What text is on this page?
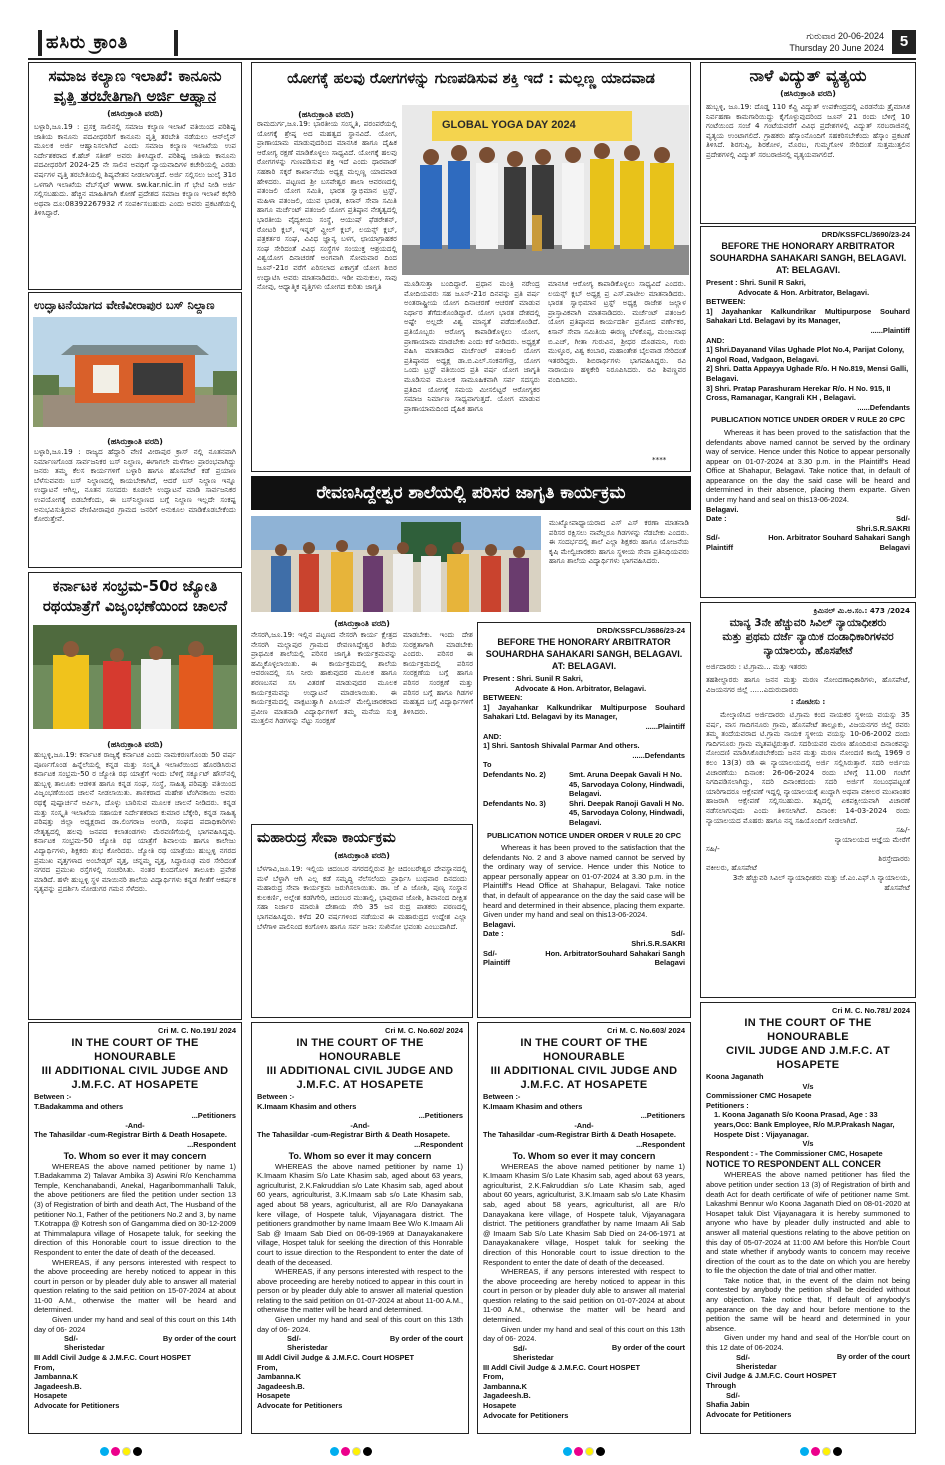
ಹಸಿರು ಕ್ರಾಂತಿ	ಗುರುವಾರ 20-06-2024
Thursday 20 June 2024	5
ಸಮಾಜ ಕಲ್ಯಾಣ ಇಲಾಖೆ: ಕಾನೂನು
ವೃತ್ತಿ ತರಬೇತಿಗಾಗಿ ಅರ್ಜಿ ಆಹ್ವಾನ
(ಹಸಿರುಕ್ರಾಂತಿ ವರದಿ)
ಬಳ್ಳಾರಿ,ಜೂ.19 : ಪ್ರಸಕ್ತ ಸಾಲಿನಲ್ಲಿ ಸಮಾಜ ಕಲ್ಯಾಣ ಇಲಾಖೆ ವತಿಯಿಂದ ಪರಿಶಿಷ್ಟ ಜಾತಿಯ ಕಾನೂನು ಪದವೀಧರರಿಗೆ ಕಾನೂನು ವೃತ್ತಿ ತರಬೇತಿ ನಡೆಯಲು ಆನ್‌ಲೈನ್ ಮೂಲಕ ಅರ್ಜಿ ಆಹ್ವಾನಿಸಲಾಗಿದೆ ಎಂದು ಸಮಾಜ ಕಲ್ಯಾಣ ಇಲಾಖೆಯ ಉಪ ನಿರ್ದೇಶಕರಾದ ಕೆ.ಹೆಚ್ ಸತೀಶ್ ಅವರು ತಿಳಿಸಿದ್ದಾರೆ. ಪರಿಶಿಷ್ಟ ಜಾತಿಯ ಕಾನೂನು ಪದವೀಧರರಿಗೆ 2024-25 ನೇ ಸಾಲಿನ ಅವಧಿಗೆ ನ್ಯಾಯವಾದಿಗಳ ಕಚೇರಿಯಲ್ಲಿ ಎರಡು ವರ್ಷಗಳ ವೃತ್ತಿ ತರಬೇತಿಯಲ್ಲಿ ಶಿಷ್ಯವೇತನ ನೀಡಲಾಗುತ್ತದೆ. ಅರ್ಜಿ ಸಲ್ಲಿಸಲು ಜುಲೈ 31ರ ಒಳಗಾಗಿ ಇಲಾಖೆಯ ವೆಬ್‌ಸೈಟ್ www. sw.kar.nic.in ಗೆ ಭೇಟಿ ನೀಡಿ ಅರ್ಜಿ ಸಲ್ಲಿಸಬಹುದು. ಹೆಚ್ಚಿನ ಮಾಹಿತಿಗಾಗಿ ಕೋಣೆ ಪ್ರದೇಶದ ಸಮಾಜ ಕಲ್ಯಾಣ ಇಲಾಖೆ ಕಛೇರಿ ಅಥವಾ ದೂ:08392267932 ಗೆ ಸಂಪರ್ಕಿಸಬಹುದು ಎಂದು ಅವರು ಪ್ರಕಟಣೆಯಲ್ಲಿ ತಿಳಿಸಿದ್ದಾರೆ.
ಉದ್ಘಾಟನೆಯಾಗದ ವೇಣಿವೀರಾಪುರ ಬಸ್ ನಿಲ್ದಾಣ
(ಹಸಿರುಕ್ರಾಂತಿ ವರದಿ)
ಬಳ್ಳಾರಿ,ಜೂ.19 : ರಾಜ್ಯದ ಹೆದ್ದಾರಿ ವೇಣಿ ವೀರಾಪುರ ಕ್ರಾಸ್ ನಲ್ಲಿ ನೂತನವಾಗಿ ನಿರ್ಮಾಣಗೊಂಡ ಸಾರ್ವಜನಿಕರ ಬಸ್ ನಿಲ್ದಾಣ, ಈಗಾಗಲೇ ಮಳೆಗಾಲ ಪ್ರಾರಂಭವಾಗಿದ್ದು ಜನರು ತಮ್ಮ ಕೆಲಸ ಕಾರ್ಯಗಳಿಗೆ ಬಳ್ಳಾರಿ ಹಾಗೂ ಹೊಸಪೇಟೆ ಕಡೆ ಪ್ರಯಾಣ ಬೆಳೆಸುವವರು ಬಸ್ ನಿಲ್ದಾಣದಲ್ಲಿ ಕಾಯಬೇಕಾಗಿದೆ, ಆದರೆ ಬಸ್ ನಿಲ್ದಾಣ ಇನ್ನೂ ಉದ್ಘಾಟನೆ ಆಗಿಲ್ಲ, ನೂತನ ಸಂಸದರು ಕೂಡಲೇ ಉದ್ಘಾಟನೆ ಮಾಡಿ ಸಾರ್ವಜನಿಕರ ಉಪಯೋಗಕ್ಕೆ ಬಿಡಬೇಕೆಂದು, ಈ ಬಸ್‌ನಿಲ್ದಾಣದ ಬಗ್ಗೆ ನಿಲ್ದಾಣ ಇಲ್ಲದೇ ಸಂಕಷ್ಟ ಅನುಭವಿಸುತ್ತಿರುವ ವೇಣಿವೀರಾಪುರ ಗ್ರಾಮದ ಜನರಿಗೆ ಅನುಕೂಲ ಮಾಡಿಕೊಡಬೇಕೆಂದು ಕೋರುತ್ತೇವೆ.
ಕರ್ನಾಟಕ ಸಂಭ್ರಮ-50ರ ಜ್ಯೋತಿ
ರಥಯಾತ್ರೆಗೆ ವಿಜೃಂಭಣೆಯಿಂದ ಚಾಲನೆ
(ಹಸಿರುಕ್ರಾಂತಿ ವರದಿ)
ಹುಬ್ಬಳ್ಳಿ,ಜೂ.19: ಕರ್ನಾಟಕ ರಾಜ್ಯಕ್ಕೆ ಕರ್ನಾಟಕ ಎಂದು ನಾಮಕರಣಗೊಂಡು 50 ವರ್ಷ ಪೂರ್ಣಗೊಂಡ ಹಿನ್ನೆಲೆಯಲ್ಲಿ ಕನ್ನಡ ಮತ್ತು ಸಂಸ್ಕೃತಿ ಇಲಾಖೆಯಿಂದ ಹೊರಡಿಸಿರುವ ಕರ್ನಾಟಕ ಸಂಭ್ರಮ-50 ರ ಜ್ಯೋತಿ ರಥ ಯಾತ್ರೆಗೆ ಇಂದು ಬೆಳಿಗ್ಗೆ ಸರ್ಕ್ಯೂಟ್ ಹೌಸ್‌ನಲ್ಲಿ ಹುಬ್ಬಳ್ಳಿ ತಾಲೂಕು ಆಡಳಿತ ಹಾಗೂ ಕನ್ನಡ ಸಂಘ, ಸಂಸ್ಥೆ, ಸಾಹಿತ್ಯ ಪರಿಷತ್ತು ವತಿಯಿಂದ ವಿಜೃಂಭಣೆಯಿಂದ ಚಾಲನೆ ನೀಡಲಾಯಿತು. ಶಾಸಕರಾದ ಮಹೇಶ ಟೆಂಗಿನಕಾಯಿ ಅವರು ರಥಕ್ಕೆ ಪುಷ್ಪಾರ್ಚನೆ ಅರ್ಪಿಸಿ, ದೊಳ್ಳು ಬಾರಿಸುವ ಮೂಲಕ ಚಾಲನೆ ನೀಡಿದರು. ಕನ್ನಡ ಮತ್ತು ಸಂಸ್ಕೃತಿ ಇಲಾಖೆಯ ಸಹಾಯಕ ನಿರ್ದೇಶಕರಾದ ಕುಮಾರ ಬೆಕ್ಕೇರಿ, ಕನ್ನಡ ಸಾಹಿತ್ಯ ಪರಿಷತ್ತು ಜಿಲ್ಲಾ ಅಧ್ಯಕ್ಷರಾದ ಡಾ.ಲಿಂಗರಾಜ ಅಂಗಡಿ, ಸಂಘದ ಪದಾಧಿಕಾರಿಗಳು ನೇತೃತ್ವದಲ್ಲಿ ಹಲವು ಜನಪದ ಕಲಾತಂಡಗಳು ಮೆರವಣಿಗೆಯಲ್ಲಿ ಭಾಗವಹಿಸಿದ್ದವು. ಕರ್ನಾಟಕ ಸಂಭ್ರಮ-50 ಜ್ಯೋತಿ ರಥ ಯಾತ್ರೆಗೆ ಶಿವಾಲಯ ಹಾಗೂ ಕಾಲೇಜು ವಿದ್ಯಾರ್ಥಿಗಳು, ಶಿಕ್ಷಕರು ಶುಭ ಕೋರಿದರು. ಜ್ಯೋತಿ ರಥ ಯಾತ್ರೆಯು ಹುಬ್ಬಳ್ಳಿ ನಗರದ ಪ್ರಮುಖ ವೃತ್ತಗಳಾದ ಅಂಬೇಡ್ಕರ್ ವೃತ್ತ, ಚನ್ನಮ್ಮ ವೃತ್ತ, ಸಿದ್ಧಾರೂಢ ಮಠ ಸೇರಿದಂತೆ ನಗರದ ಪ್ರಮುಖ ರಸ್ತೆಗಳಲ್ಲಿ ಸಂಚರಿಸಿತು. ನಂತರ ಕುಂದಗೋಳ ತಾಲೂಕು ಪ್ರವೇಶ ಮಾಡಿದೆ. ಹಳೇ ಹುಬ್ಬಳ್ಳಿ ಸ್ಥಳ ಮಾಯಿನರಿ ಶಾಲೆಯ ವಿದ್ಯಾರ್ಥಿಗಳು ಕನ್ನಡ ಗೀತೆಗೆ ಆಕರ್ಷಕ ನೃತ್ಯವನ್ನು ಪ್ರದರ್ಶಿಸಿ ನೋಡುಗರ ಗಮನ ಸೆಳೆದರು.
ಯೋಗಕ್ಕೆ ಹಲವು ರೋಗಗಳನ್ನು ಗುಣಪಡಿಸುವ ಶಕ್ತಿ ಇದೆ : ಮಲ್ಲಣ್ಣ ಯಾದವಾಡ
(ಹಸಿರುಕ್ರಾಂತಿ ವರದಿ)
GLOBAL YOGA DAY 2024
ರಾಮದುರ್ಗ,ಜೂ.19: ಭಾರತೀಯ ಸಂಸ್ಕೃತಿ, ಪರಂಪರೆಯಲ್ಲಿ ಯೋಗಕ್ಕೆ ಶ್ರೇಷ್ಠ ಅದ ಮಹತ್ವದ ಸ್ಥಾನವಿದೆ. ಯೋಗ, ಪ್ರಾಣಾಯಾಮ ಮಾಡುವುದರಿಂದ ಮಾನಸಿಕ ಹಾಗೂ ದೈಹಿಕ ಆರೋಗ್ಯ ರಕ್ಷಣೆ ಮಾಡಿಕೊಳ್ಳಲು ಸಾಧ್ಯವಿದೆ. ಯೋಗಕ್ಕೆ ಹಲವು ರೋಗಗಳನ್ನು ಗುಣಪಡಿಸುವ ಶಕ್ತಿ ಇದೆ ಎಂದು ಧಾರವಾಡ್ ಸಹಕಾರಿ ಸಕ್ಕರೆ ಕಾರ್ಖಾನೆಯ ಅಧ್ಯಕ್ಷ ಮಲ್ಲಣ್ಣ ಯಾದವಾಡ ಹೇಳಿದರು. ಪಟ್ಟಣದ ಶ್ರೀ ಬಸವೇಶ್ವರ ಶಾಲಾ ಆವರಣದಲ್ಲಿ ಪತಂಜಲಿ ಯೋಗ ಸಮಿತಿ, ಭಾರತ ಸ್ವಾಭಿಮಾನ ಟ್ರಸ್ಟ್, ಮಹಿಳಾ ಪತಂಜಲಿ, ಯುವ ಭಾರತ, ಕಿಸಾನ್ ಸೇವಾ ಸಮಿತಿ ಹಾಗೂ ಮರ್ಚೆಂಟ್ ಪತಂಜಲಿ ಯೋಗ ಪ್ರತಿಷ್ಠಾನ ನೇತೃತ್ವದಲ್ಲಿ ಭಾರತೀಯ ವೈದ್ಯಕೀಯ ಸಂಸ್ಥೆ, ಆಯುಷ್ ಫೆಡರೇಶನ್, ರೋಟರಿ ಕ್ಲಬ್, ಇನ್ನರ್ ವ್ಹೀಲ್ ಕ್ಲಬ್, ಲಯನ್ಸ್ ಕ್ಲಬ್, ಪತ್ರಕರ್ತರ ಸಂಘ, ವಿವಿಧ ಜ್ಞಾನ್ಯ ಬಳಗ, ಛಾಯಾಗ್ರಾಹಕರ ಸಂಘ ಸೇರಿದಂತೆ ವಿವಿಧ ಸಂಸ್ಥೆಗಳ ಸಂಯುಕ್ತ ಆಶ್ರಯದಲ್ಲಿ ವಿಶ್ವಯೋಗ ದಿನಾಚರಣೆ ಅಂಗವಾಗಿ ಸೋಮವಾರ ದಿಂದ ಜೂನ್-21ರ ವರೆಗೆ ಏರಿಸಲಾದ ಏಕಾಗ್ರತೆ ಯೋಗ ಶಿಬಿರ ಉದ್ಘಾಟಿಸಿ ಅವರು ಮಾತನಾಡಿದರು. ಇಡೀ ಮನುಕುಲ, ಸಾವು ನೋವು, ಆಧ್ಯಾತ್ಮಿಕ ವೃತ್ತಿಗಳು ಯೋಗದ ಕುರಿತು ಜಾಗೃತಿ	ಮೂಡಿಸುತ್ತಾ ಬಂದಿದ್ದಾರೆ. ಪ್ರಧಾನ ಮಂತ್ರಿ ನರೇಂದ್ರ ಮೋದಿಯವರು ಸಹ ಜೂನ್-21ರ ದಿನವನ್ನು ಪ್ರತಿ ವರ್ಷ ಅಂತರಾಷ್ಟ್ರೀಯ ಯೋಗ ದಿನಾಚರಣೆ ಆಚರಣೆ ಮಾಡುವ ನಿರ್ಧಾರ ತೆಗೆದುಕೊಂಡಿದ್ದಾರೆ. ಯೋಗ ಭಾರತ ದೇಶದಲ್ಲಿ ಅಷ್ಟೇ ಅಲ್ಲದೇ ವಿಶ್ವ ಮಾನ್ಯತೆ ಪಡೆದುಕೊಂಡಿದೆ. ಪ್ರತಿಯೊಬ್ಬರು ಆರೋಗ್ಯ ಕಾಪಾಡಿಕೊಳ್ಳಲು ಯೋಗ, ಪ್ರಾಣಾಯಾಮ ಮಾಡಬೇಕು ಎಂದು ಕರೆ ನೀಡಿದರು. ಅಧ್ಯಕ್ಷತೆ ವಹಿಸಿ ಮಾತನಾಡಿದ ಮರ್ಚೆಂಟ್ ಪತಂಜಲಿ ಯೋಗ ಪ್ರತಿಷ್ಠಾನದ ಅಧ್ಯಕ್ಷ ಡಾ.ಬಿ.ಎಲ್.ಸಂಕನಗೌಡ್ರ, ಯೋಗ ಒಂದು ಟ್ರಸ್ಟ್ ವತಿಯಿಂದ ಪ್ರತಿ ವರ್ಷ ಯೋಗ ಜಾಗೃತಿ ಮೂಡಿಸುವ ಮೂಲಕ ಸಾಮೂಹಿಕವಾಗಿ ಸರ್ವ ಸದಸ್ಯರು ಪ್ರತಿದಿನ ಯೋಗಕ್ಕೆ ಸಮಯ ಮೀಸಲಿಟ್ಟರೆ ಆರೋಗ್ಯಕರ ಸಮಾಜ ನಿರ್ಮಾಣ ಸಾಧ್ಯವಾಗುತ್ತದೆ. ಯೋಗ ಮಾಡುವ ಪ್ರಾಣಾಯಾಮದಿಂದ ದೈಹಿಕ ಹಾಗೂ
ಮಾನಸಿಕ ಆರೋಗ್ಯ ಕಾಪಾಡಿಕೊಳ್ಳಲು ಸಾಧ್ಯವಿದೆ ಎಂದರು. ಲಯನ್ಸ್ ಕ್ಲಬ್ ಅಧ್ಯಕ್ಷ ಪ್ರ ಎಸ್.ಪಾಟೀಲ ಮಾತನಾಡಿದರು. ಭಾರತ ಸ್ವಾಭಿಮಾನ ಟ್ರಸ್ಟ್ ಅಧ್ಯಕ್ಷ ರಾಜೇಶ ಜಲ್ಲಾಳ ಪ್ರಾಸ್ತಾವಿಕವಾಗಿ ಮಾತನಾಡಿದರು. ಮರ್ಚೆಂಟ್ ಪತಂಜಲಿ ಯೋಗ ಪ್ರತಿಷ್ಠಾನದ ಕಾರ್ಯದರ್ಶಿ ಪ್ರಮೋದ ವರ್ಣೇಕರ, ಕಿಸಾನ್ ಸೇವಾ ಸಮಿತಿಯ ಈರಣ್ಣ ಬೆಳಕೊಪ್ಪ, ಮಂಜುನಾಥ ಬಿ.ಎಚ್, ಗೀತಾ ಗುರುವಿನ, ಶ್ರೀಧರ ದೊಡಮನಿ, ಗುರು ಮುಳ್ಳೂರ, ವಿಶ್ವ ಕಂಬಾರ, ಮಹಾಂತೇಶ ಬೈಲವಾಡ ಸೇರಿದಂತೆ ಇತರರಿದ್ದರು. ಶಿಬಿರಾರ್ಥಿಗಳು ಭಾಗವಹಿಸಿದ್ದರು. ರವಿ ನಾರಾಯಣ ಹಳ್ಳಿಕೇರಿ ನಿರೂಪಿಸಿದರು. ರವಿ ಶಿವಣ್ಣವರ ವಂದಿಸಿದರು.
****
ರೇವಣಸಿದ್ದೇಶ್ವರ ಶಾಲೆಯಲ್ಲಿ ಪರಿಸರ ಜಾಗೃತಿ ಕಾರ್ಯಕ್ರಮ
ಮುಖ್ಯೋಪಾಧ್ಯಾಯರಾದ ಎಸ್ ಎಸ್ ಕರಣಾ ಮಾತನಾಡಿ ಪರಿಸರ ರಕ್ಷಿಸಲು ನಾವೆಲ್ಲರೂ ಗಿಡಗಳನ್ನು ನೆಡಬೇಕು ಎಂದರು. ಈ ಸಂದರ್ಭದಲ್ಲಿ ಶಾಲೆ ಎಲ್ಲಾ ಶಿಕ್ಷಕರು ಹಾಗೂ ಯೋಜನೆಯ ಕೃಷಿ ಮೇಲ್ವಿಚಾರಕರು ಹಾಗೂ ಸ್ಥಳೀಯ ಸೇವಾ ಪ್ರತಿನಿಧಿಯವರು ಹಾಗೂ ಶಾಲೆಯ ವಿದ್ಯಾರ್ಥಿಗಳು ಭಾಗವಹಿಸಿದರು.
(ಹಸಿರುಕ್ರಾಂತಿ ವರದಿ)
ನೇಸರಗಿ,ಜೂ.19: ಇಲ್ಲಿನ ಪಟ್ಟಣದ ನೇಸರಗಿ ಕಾರ್ಯ ಕ್ಷೇತ್ರದ ನೇಸರಗಿ ಮಲ್ಲಾಪುರ ಗ್ರಾಮದ ರೇವಣಸಿದ್ದೇಶ್ವರ ಶಿರೆಯ ಪ್ರಾಥಮಿಕ ಶಾಲೆಯಲ್ಲಿ ಪರಿಸರ ಜಾಗೃತಿ ಕಾರ್ಯಕ್ರಮವನ್ನು ಹಮ್ಮಿಕೊಳ್ಳಲಾಯಿತು. ಈ ಕಾರ್ಯಕ್ರಮದಲ್ಲಿ ಶಾಲೆಯ ಆವರಣದಲ್ಲಿ ಸಸಿ ನೀರು ಹಾಕುವುದರ ಮೂಲಕ ಹಾಗೂ ಶರಣಬಸವ ಸಸಿ ವಿತರಣೆ ಮಾಡುವುದರ ಮೂಲಕ ಕಾರ್ಯಕ್ರಮವನ್ನು ಉದ್ಘಾಟನೆ ಮಾಡಲಾಯಿತು. ಈ ಕಾರ್ಯಕ್ರಮದಲ್ಲಿ ವಾಕ್ಪಟುತ್ವಾಗಿ ಪಿಸಿಯನ್ ಮೇಲ್ವಿಚಾರಕರಾದ ಪ್ರವೀಣ ಮಾತನಾಡಿ ವಿದ್ಯಾರ್ಥಿಗಳಿಗೆ ತಮ್ಮ ಮನೆಯ ಸುತ್ತ ಮುತ್ತಲಿನ ಗಿಡಗಳನ್ನು ನೆಟ್ಟು ಸಂರಕ್ಷಣೆ
ಮಾಡಬೇಕು. ಇಂದು ದೇಶ ಸುರಕ್ಷತಾಗಾಗಿ ಮಾಡಬೇಕು ಎಂದರು. ಪರಿಸರ ಈ ಕಾರ್ಯಕ್ರಮದಲ್ಲಿ ಪರಿಸರ ಸಂರಕ್ಷಣೆಯ ಬಗ್ಗೆ ಹಾಗೂ ಪರಿಸರ ಸಂರಕ್ಷಣೆ ಮತ್ತು ಪರಿಸರ ಬಗ್ಗೆ ಹಾಗೂ ಗಿಡಗಳ ಮಹತ್ವದ ಬಗ್ಗೆ ವಿದ್ಯಾರ್ಥಿಗಳಿಗೆ ತಿಳಿಸಿದರು.
DRD/KSSFCL/3686/23-24
BEFORE THE HONORARY ARBITRATOR
SOUHARDHA SAHAKARI SANGH, BELAGAVI. AT: BELAGAVI.
Present : Shri. Sunil R Sakri,
Advocate & Hon. Arbitrator, Belagavi.
BETWEEN:
1] Jayahankar Kalkundrikar Multipurpose Souhard Sahakari Ltd. Belagavi by its Manager,
......Plaintiff
AND:
1] Shri. Santosh Shivalal Parmar And others.
......Defendants
To
Defendants No. 2)	Smt. Aruna Deepak Gavali H No. 45, Sarvodaya Colony, Hindwadi, Belagavi.
Defendants No. 3)	Shri. Deepak Ranoji Gavali H No. 45, Sarvodaya Colony, Hindwadi, Belagavi.
PUBLICATION NOTICE UNDER ORDER V RULE 20 CPC
Whereas it has been proved to the satisfaction that the defendants No. 2 and 3 above named cannot be served by the ordinary way of service. Hence under this Notice to appear personally appear on 01-07-2024 at 3.30 p.m. in the Plaintiff's Head Office at Shahapur, Belagavi. Take notice that, in default of appearance on the day the said case will be heard and determined in their absence, placing them exparte. Given under my hand and seal on this13-06-2024.
Belagavi.
Date :	Sd/-
Shri.S.R.SAKRI
Sd/-
Plaintiff
Hon. ArbitratorSouhard Sahakari Sangh Belagavi
ಮಹಾರುದ್ರ ಸೇವಾ ಕಾರ್ಯಕ್ರಮ
(ಹಸಿರುಕ್ರಾಂತಿ ವರದಿ)
ಬೆಳಗಾವಿ,ಜೂ.19: ಇಲ್ಲಿಯ ಚಿದಂಬರ ನಗರದಲ್ಲಿರುವ ಶ್ರೀ ಚಿದಂಬರೇಶ್ವರ ದೇವಸ್ಥಾನದಲ್ಲಿ ಮಳೆ ಬೆಳ್ಳಾಗಿ ಆಗಿ ಎಲ್ಲ ಕಡೆ ಸಮೃದ್ಧಿ ನೆಲೆಸಲೆಂದು ಪ್ರಾರ್ಥಿಸಿ ಬುಧವಾರ ದಿನದಂದು ಮಹಾರುದ್ರ ಸೇವಾ ಕಾರ್ಯಕ್ರಮ ಜರುಗಿಸಲಾಯಿತು. ಡಾ. ಜೆ ಪಿ ಜೋಶಿ, ಪುಣ್ಯ ಸಂಸ್ಥಾನ ಕುಲಕರ್ಣಿ, ಅಲ್ಲೇಶ ಕಡಗಿಗೇರಿ, ಚಿದಂಬರ ಮುತಾಲ್ಲಿ, ಭಾವುರಾವ ಜೋಶಿ, ಶಿವಾನಂದ ದೀಕ್ಷಿತ ಸಹಾ ನಿರ್ಜಾರ ಮಾರುತಿ ದೇಶಾಯ ಸೇರಿ 35 ಜನ ರುದ್ರ ಪಾತಕರು ಪಠಣದಲ್ಲಿ ಭಾಗವಹಿಸಿದ್ದರು. ಕಳೆದ 20 ವರ್ಷಗಳಿಂದ ನಡೆಯುವ ಈ ಮಹಾರುದ್ರದ ಉದ್ದೇಶ ಎಲ್ಲಾ ಬೆಳೆಗಾಳಿ ಪಾಲಿನಿಂದ ಕಂಗೊಳಿಸಿ ಹಾಗೂ ಸರ್ವ ಜನಾ: ಸುಖಿನೋ ಭವಂತು ಎಂಬುದಾಗಿದೆ.
ನಾಳೆ ವಿದ್ಯುತ್ ವ್ಯತ್ಯಯ
(ಹಸಿರುಕ್ರಾಂತಿ ವರದಿ)
ಹುಬ್ಬಳ್ಳಿ, ಜೂ.19: ದೊಡ್ಡ 110 ಕೆವ್ಹಿ ವಿದ್ಯುತ್ ಉಪಕೇಂದ್ರದಲ್ಲಿ ಎರಡನೆಯ ತ್ರೈಮಾಸಿಕ ನಿರ್ವಹಣಾ ಕಾಮಗಾರಿಯಿದ್ದು ಕೈಗೊಳ್ಳುವುದರಿಂದ ಜೂನ್ 21 ರಂದು ಬೆಳಿಗ್ಗೆ 10 ಗಂಟೆಯಿಂದ ಸಂಜೆ 4 ಗಂಟೆಯವರೆಗೆ ವಿವಿಧ ಪ್ರದೇಶಗಳಲ್ಲಿ ವಿದ್ಯುತ್ ಸರಬರಾಜಿನಲ್ಲಿ ವ್ಯತ್ಯಯ ಉಂಟಾಗಲಿದೆ. ಗ್ರಾಹಕರು ಹೆಸ್ಕಾಂನೊಂದಿಗೆ ಸಹಕರಿಸಬೇಕೆಂದು ಹೆಸ್ಕಾಂ ಪ್ರಕಟಣೆ ತಿಳಿಸಿದೆ. ಶಿರಗುಪ್ಪಿ, ಶಿರಕೋಳ, ಮೊರಬ, ಗುಮ್ಮಗೋಳ ಸೇರಿದಂತೆ ಸುತ್ತಮುತ್ತಲಿನ ಪ್ರದೇಶಗಳಲ್ಲಿ ವಿದ್ಯುತ್ ಸರಬರಾಜಿನಲ್ಲಿ ವ್ಯತ್ಯಯವಾಗಲಿದೆ.
DRD/KSSFCL/3690/23-24
BEFORE THE HONORARY ARBITRATOR
SOUHARDHA SAHAKARI SANGH, BELAGAVI. AT: BELAGAVI.
Present : Shri. Sunil R Sakri,
Advocate & Hon. Arbitrator, Belagavi.
BETWEEN:
1] Jayahankar Kalkundrikar Multipurpose Souhard Sahakari Ltd. Belagavi by its Manager,
......Plaintiff
AND:
1] Shri.Dayanand Vilas Ughade Plot No.4, Parijat Colony, Angol Road, Vadgaon, Belagavi.
2] Shri. Datta Appayya Ughade R/o. H No.819, Mensi Galli, Belagavi.
3] Shri. Pratap Parashuram Herekar R/o. H No. 915, II Cross, Ramanagar, Kangrali KH , Belagavi.
......Defendants
PUBLICATION NOTICE UNDER ORDER V RULE 20 CPC
Whereas it has been proved to the satisfaction that the defendants above named cannot be served by the ordinary way of service. Hence under this Notice to appear personally appear on 01-07-2024 at 3.30 p.m. in the Plaintiff's Head Office at Shahapur, Belagavi. Take notice that, in default of appearance on the day the said case will be heard and determined in their absence, placing them exparte. Given under my hand and seal on this13-06-2024.
Belagavi.
Date :	Sd/-
Shri.S.R.SAKRI
Sd/-
Plaintiff
Hon. Arbitrator Souhard Sahakari Sangh Belagavi
ಕ್ರಿಮಿನಲ್ ಮಿ.ಅ.ಸಂ.: 473 /2024
ಮಾನ್ಯ 3ನೇ ಹೆಚ್ಚುವರಿ ಸಿವಿಲ್ ನ್ಯಾಯಾಧೀಶರು
ಮತ್ತು ಪ್ರಥಮ ದರ್ಜೆ ನ್ಯಾಯಿಕ ದಂಡಾಧಿಕಾರಿಗಳವರ
ನ್ಯಾಯಾಲಯ, ಹೊಸಪೇಟೆ
ಅರ್ಜಿದಾರರು : ಟಿ.ಗ್ರಾಮ... ಮತ್ತು ಇತರರು
ತಹಶೀಲ್ದಾರರು ಹಾಗೂ ಜನನ ಮತ್ತು ಮರಣ ನೋಂದಣಾಧಿಕಾರಿಗಳು, ಹೊಸಪೇಟೆ, ವಿಜಯನಗರ ಜಿಲ್ಲೆ ......ಎದುರುದಾರರು
: ನೋಟೀಸು :
ಮೇಲ್ಕಾಣಿಸಿದ ಅರ್ಜಿದಾರರು ಟಿ.ಗ್ರಾಮ ಕಂದ ನಾಯಕರ ಸ್ಥಳೀಯ ವಯಸ್ಸು 35 ವರ್ಷ, ವಾಸ ಗಾದಿಗನೂರು ಗ್ರಾಮ, ಹೊಸಪೇಟೆ ತಾಲ್ಲೂಕು, ವಿಜಯನಗರ ಜಿಲ್ಲೆ ರವರು ತಮ್ಮ ತಂದೆಯವರಾದ ಟಿ.ಗ್ರಾಮ ನಾಯಕ ಸ್ಥಳೀಯ ವಯಸ್ಸು 10-06-2002 ದಂದು ಗಾದಿಗನೂರು ಗ್ರಾಮ ಮೃತಪಟ್ಟಿರುತ್ತಾರೆ. ಸದರಿಯವರ ಮರಣ ಹೊಂದಿರುವ ದಿನಾಂಕವನ್ನು ನೋಂದಣಿ ಮಾಡಿಸಿಕೊಡಬೇಕೆಂದು ಜನನ ಮತ್ತು ಮರಣ ನೋಂದಣಿ ಕಾಯ್ದೆ 1969 ರ ಕಲಂ 13(3) ರಡಿ ಈ ನ್ಯಾಯಾಲಯದಲ್ಲಿ ಅರ್ಜಿ ಸಲ್ಲಿಸಿರುತ್ತಾರೆ. ಸದರಿ ಅರ್ಜಿಯ ವಿಚಾರಣೆಯು ದಿನಾಂಕ: 26-06-2024 ರಂದು ಬೆಳಿಗ್ಗೆ 11.00 ಗಂಟೆಗೆ ನಿಗದಿಪಡಿಸಲಾಗಿದ್ದು, ಸದರಿ ದಿನಾಂಕದಂದು ಸದರಿ ಅರ್ಜಿಗೆ ಸಂಬಂಧಪಟ್ಟಂತೆ ಯಾರಿಗಾದರೂ ಆಕ್ಷೇಪಣೆ ಇದ್ದಲ್ಲಿ ನ್ಯಾಯಾಲಯಕ್ಕೆ ಖುದ್ದಾಗಿ ಅಥವಾ ವಕೀಲರ ಮುಖಾಂತರ ಹಾಜರಾಗಿ ಆಕ್ಷೇಪಣೆ ಸಲ್ಲಿಸಬಹುದು. ತಪ್ಪಿದಲ್ಲಿ ಏಕಪಕ್ಷೀಯವಾಗಿ ವಿಚಾರಣೆ ನಡೆಸಲಾಗುವುದು ಎಂದು ತಿಳಿಸಲಾಗಿದೆ. ದಿನಾಂಕ: 14-03-2024 ರಂದು ನ್ಯಾಯಾಲಯದ ಮೊಹರು ಹಾಗೂ ನನ್ನ ಸಹಿಯೊಂದಿಗೆ ನೀಡಲಾಗಿದೆ.
ಸಹಿ/-
ನ್ಯಾಯಾಲಯದ ಆಜ್ಞೆಯ ಮೇರೆಗೆ
ಸಹಿ/-
ಶಿರಸ್ತೇದಾರರು
ವಕೀಲರು, ಹೊಸಪೇಟೆ
3ನೇ ಹೆಚ್ಚುವರಿ ಸಿವಿಲ್ ನ್ಯಾಯಾಧೀಶರು ಮತ್ತು ಜೆ.ಎಂ.ಎಫ್.ಸಿ ನ್ಯಾಯಾಲಯ, ಹೊಸಪೇಟೆ
Cri M. C. No.191/ 2024
IN THE COURT OF THE HONOURABLE
III ADDITIONAL CIVIL JUDGE AND
J.M.F.C. AT HOSAPETE
Between :-
T.Badakamma and others
...Petitioners
-And-
The Tahasildar -cum-Registrar Birth & Death Hosapete.
...Respondent
To. Whom so ever it may concern
WHEREAS the above named petitioner by name 1) T.Badakamma 2) Talavar Ambika 3) Aswini R/o Kenchamma Temple, Kenchanabandi, Anekal, Hagaribommanhalli Taluk, the above petitioners are filed the petition under section 13 (3) of Registration of birth and death Act, The Husband of the petitioner No.1, Father of the petitioners No.2 and 3, by name T.Kotrappa @ Kotresh son of Gangamma died on 30-12-2009 at Thimmalapura village of Hosapete taluk, for seeking the direction of this Honorable court to issue direction to the Respondent to enter the date of death of the deceased.
WHEREAS, if any persons interested with respect to the above proceeding are hereby noticed to appear in this court in person or by pleader duly able to answer all material question relating to the said petition on 15-07-2024 at about 11-00 A.M., otherwise the matter will be heard and determined.
Given under my hand and seal of this court on this 14th day of 06- 2024
Sd/-	By order of the court
Sheristedar
III Addl Civil Judge & J.M.F.C. Court HOSPET
From,
Jambanna.K
Jagadeesh.B.
Hosapete
Advocate for Petitioners
Cri M. C. No.602/ 2024
IN THE COURT OF THE HONOURABLE
III ADDITIONAL CIVIL JUDGE AND
J.M.F.C. AT HOSAPETE
Between :-
K.Imaam Khasim and others
...Petitioners
-And-
The Tahasildar -cum-Registrar Birth & Death Hosapete.
...Respondent
To. Whom so ever it may concern
WHEREAS the above named petitioner by name 1) K.Imaam Khasim S/o Late Khasim sab, aged about 63 years, agriculturist, 2.K.Fakruddian s/o Late Khasim sab, aged about 60 years, agriculturist, 3.K.Imaam sab s/o Late Khasim sab, aged about 58 years, agriculturist, all are R/o Danayakana kere village, of Hospete taluk, Vijayanagara district. The petitioners grandmother by name Imaam Bee W/o K.Imaam Ali Sab @ Imaam Sab Died on 06-09-1969 at Danayakanakere village, Hospet taluk for seeking the direction of this Honrable court to issue direction to the Respondent to enter the date of death of the deceased.
WHEREAS, if any persons interested with respect to the above proceeding are hereby noticed to appear in this court in person or by pleader duly able to answer all material question relating to the said petition on 01-07-2024 at about 11-00 A.M., otherwise the matter will be heard and determined.
Given under my hand and seal of this court on this 13th day of 06- 2024.
Sd/-	By order of the court
Sheristedar
III Addl Civil Judge & J.M.F.C. Court HOSPET
From,
Jambanna.K
Jagadeesh.B.
Hosapete
Advocate for Petitioners
Cri M. C. No.603/ 2024
IN THE COURT OF THE HONOURABLE
III ADDITIONAL CIVIL JUDGE AND
J.M.F.C. AT HOSAPETE
Between :-
K.Imaam Khasim and others
...Petitioners
-And-
The Tahasildar -cum-Registrar Birth & Death Hosapete.
...Respondent
To. Whom so ever it may concern
WHEREAS the above named petitioner by name 1) K.Imaam Khasim S/o Late Khasim sab, aged about 63 years, agriculturist, 2.K.Fakruddian s/o Late Khasim sab, aged about 60 years, agriculturist, 3.K.Imaam sab s/o Late Khasim sab, aged about 58 years, agriculturist, all are R/o Danayakana kere village, of Hospete taluk, Vijayanagara district. The petitioners grandfather by name Imaam Ali Sab @ Imaam Sab S/o Late Khasim Sab Died on 24-06-1971 at Danayakanakere village, Hospet taluk for seeking the direction of this Honorable court to issue direction to the Respondent to enter the date of death of the deceased.
WHEREAS, if any persons interested with respect to the above proceeding are hereby noticed to appear in this court in person or by pleader duly able to answer all material question relating to the said petition on 01-07-2024 at about 11-00 A.M., otherwise the matter will be heard and determined.
Given under my hand and seal of this court on this 13th day of 06- 2024.
Sd/-	By order of the court
Sheristedar
III Addl Civil Judge & J.M.F.C. Court HOSPET
From,
Jambanna.K
Jagadeesh.B.
Hosapete
Advocate for Petitioners
Cri M. C. No.781/ 2024
IN THE COURT OF THE HONOURABLE
CIVIL JUDGE AND J.M.F.C. AT HOSAPETE
Koona Jaganath
V/s
Commissioner CMC Hosapete
Petitioners :
1. Koona Jaganath S/o Koona Prasad, Age : 33 years,Occ: Bank Employee, R/o M.P.Prakash Nagar, Hospete Dist : Vijayanagar.
V/s
Respondent : - The Commissioner CMC, Hosapete
NOTICE TO RESPONDENT ALL CONCER
WHEREAS the above named petitioner has filed the above petition under section 13 (3) of Registration of birth and death Act for death certificate of wife of petitioner name Smt. Lakashmi Bennur w/o Koona Jaganath Died on 08-01-2020 at Hosapet taluk Dist Vijayanagara it is hereby summoned to anyone who have by pleader dully instructed and able to answer all material questions relating to the above petition on this day of 05-07-2024 at 11:00 AM before this Hon'ble Court and state whether if anybody wants to concern may receive direction of the court as to the date on which you are hereby to file the objection the date of trial and other matter.
Take notice that, in the event of the claim not being contested by anybody the petition shall be decided without any objection. Take notice that, If default of anybody's appearance on the day and hour before mentione to the petition the same will be heard and determined in your absence.
Given under my hand and seal of the Hon'ble court on this 12 date of 06-2024.
Sd/-	By order of the court
Sheristedar
Civil Judge & J.M.F.C. Court HOSPET
Through
Sd/-
Shafia Jabin
Advocate for Petitioners
